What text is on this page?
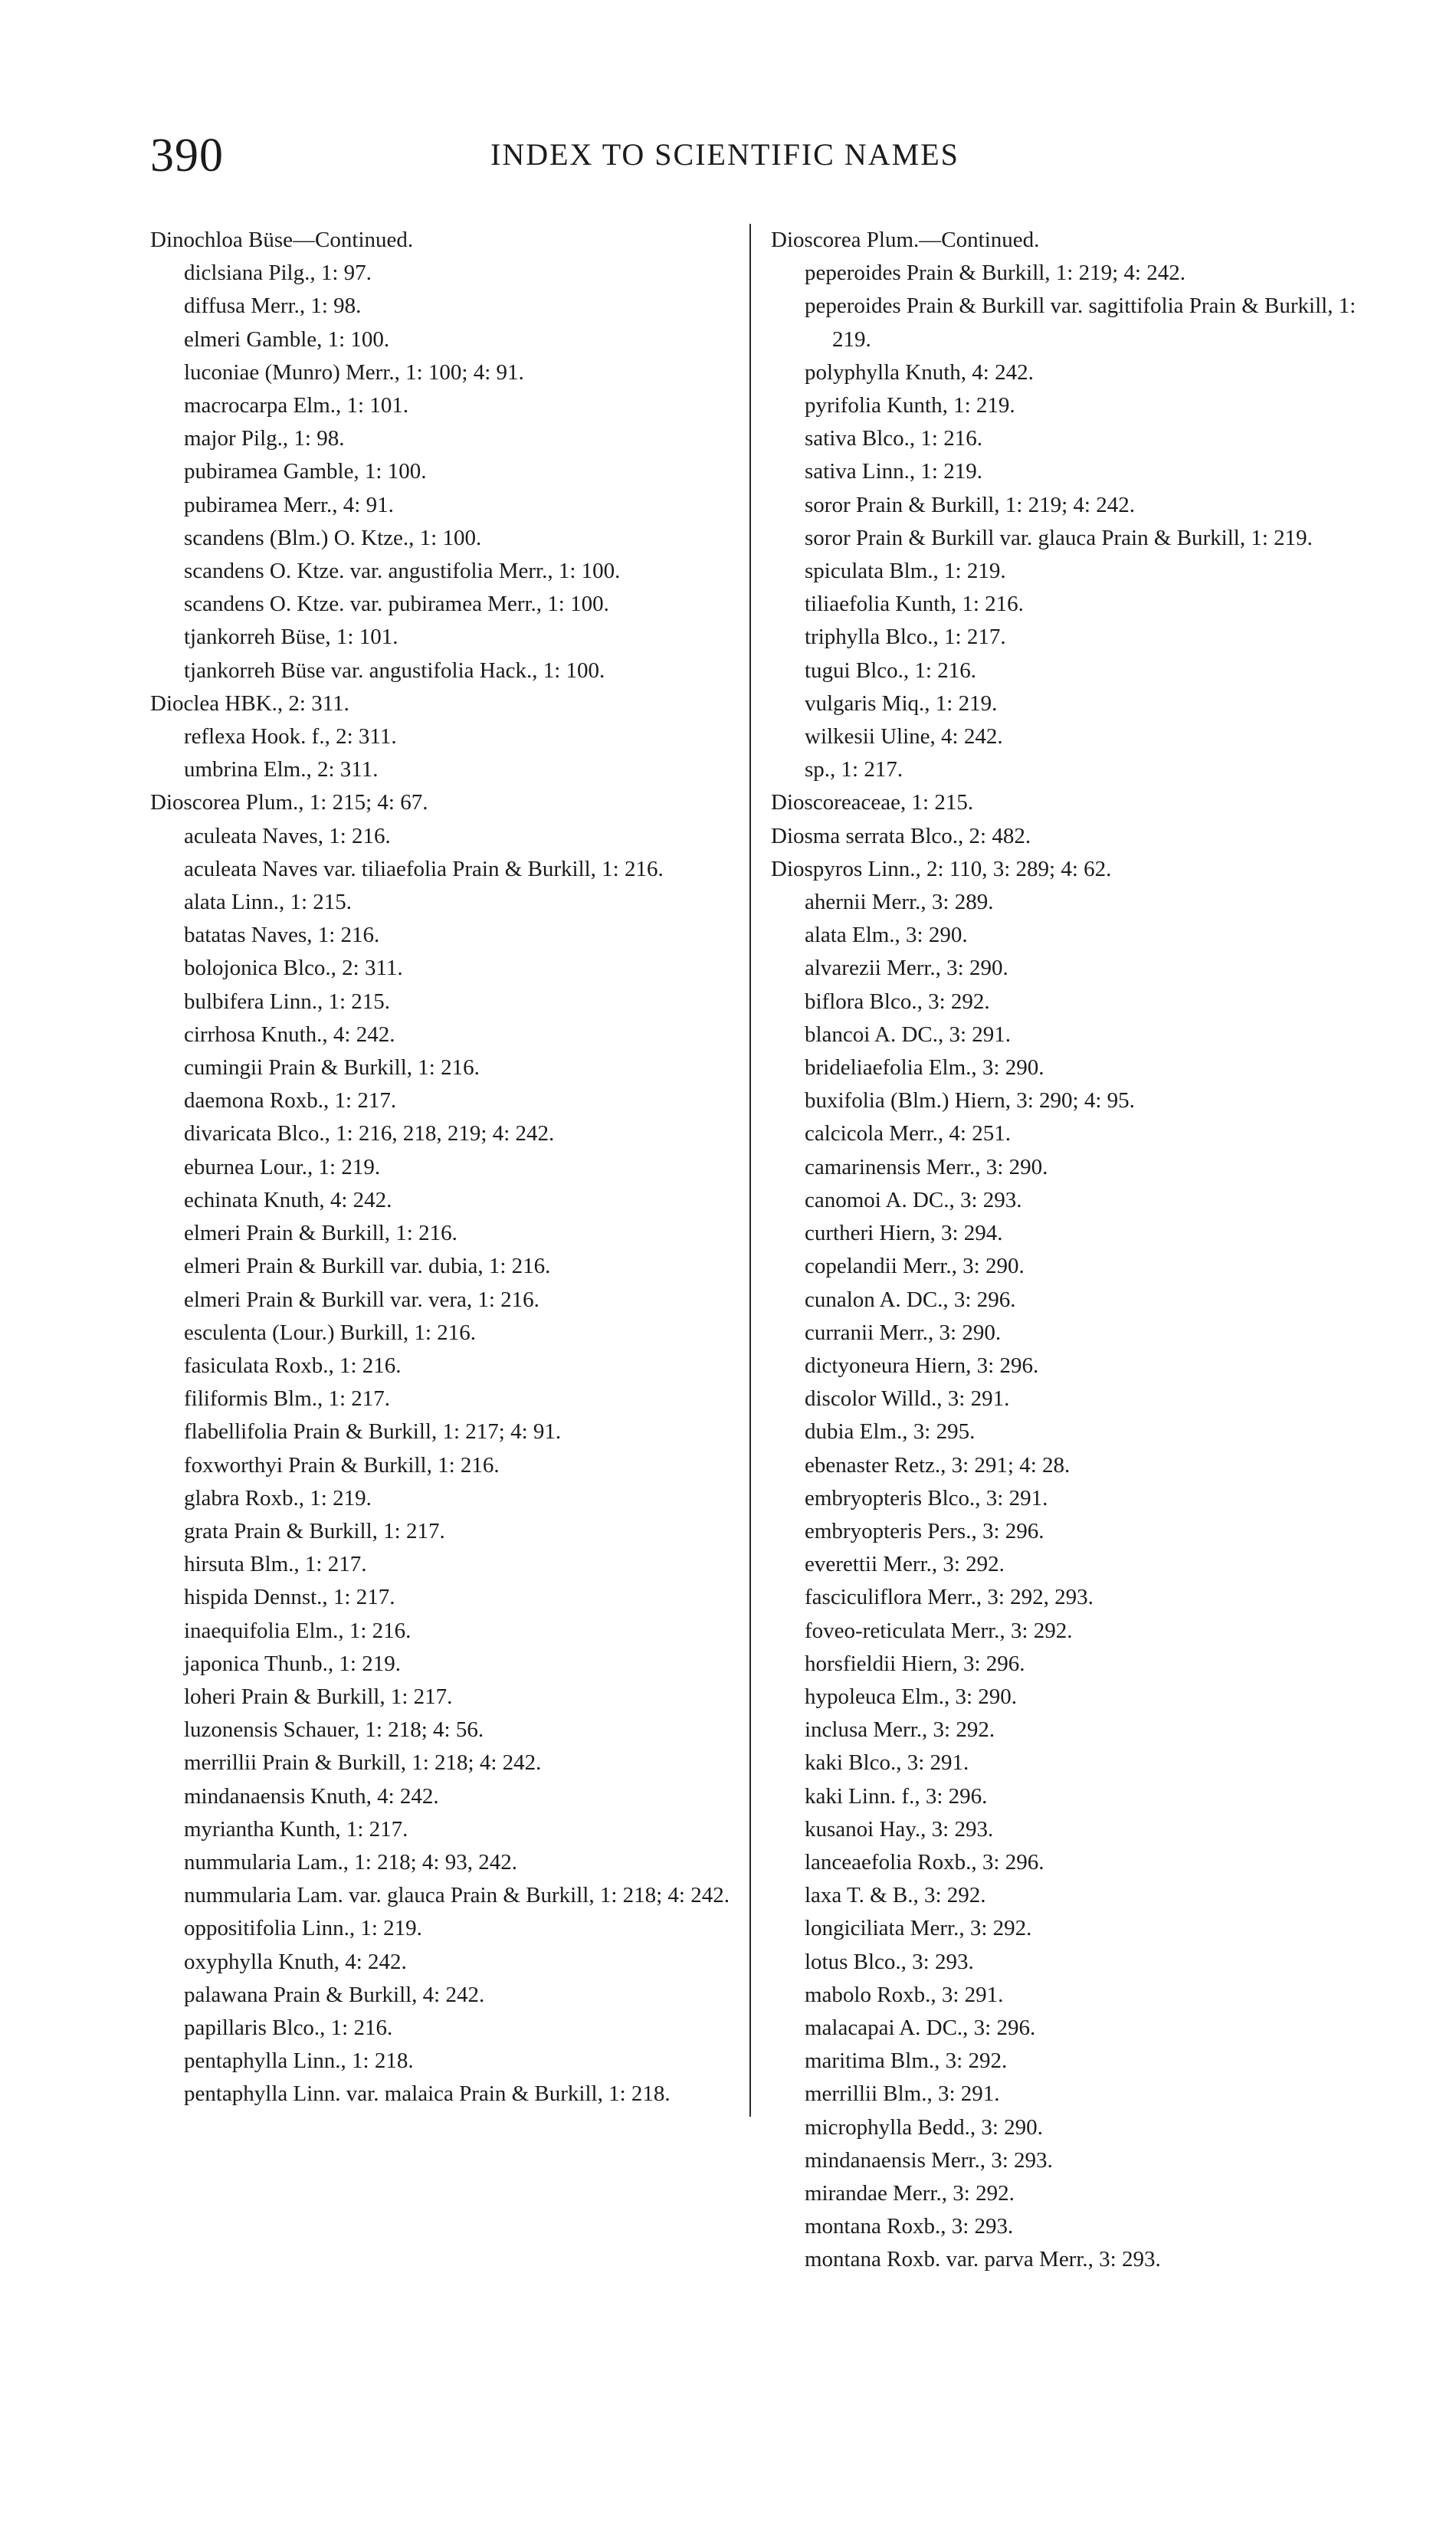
390	INDEX TO SCIENTIFIC NAMES
Dinochloa Büse—Continued.
diclsiana Pilg., 1: 97.
diffusa Merr., 1: 98.
elmeri Gamble, 1: 100.
luconiae (Munro) Merr., 1: 100; 4: 91.
macrocarpa Elm., 1: 101.
major Pilg., 1: 98.
pubiramea Gamble, 1: 100.
pubiramea Merr., 4: 91.
scandens (Blm.) O. Ktze., 1: 100.
scandens O. Ktze. var. angustifolia Merr., 1: 100.
scandens O. Ktze. var. pubiramea Merr., 1: 100.
tjankorreh Büse, 1: 101.
tjankorreh Büse var. angustifolia Hack., 1: 100.
Dioclea HBK., 2: 311.
reflexa Hook. f., 2: 311.
umbrina Elm., 2: 311.
Dioscorea Plum., 1: 215; 4: 67.
aculeata Naves, 1: 216.
aculeata Naves var. tiliaefolia Prain & Burkill, 1: 216.
alata Linn., 1: 215.
batatas Naves, 1: 216.
bolojonica Blco., 2: 311.
bulbifera Linn., 1: 215.
cirrhosa Knuth., 4: 242.
cumingii Prain & Burkill, 1: 216.
daemona Roxb., 1: 217.
divaricata Blco., 1: 216, 218, 219; 4: 242.
eburnea Lour., 1: 219.
echinata Knuth, 4: 242.
elmeri Prain & Burkill, 1: 216.
elmeri Prain & Burkill var. dubia, 1: 216.
elmeri Prain & Burkill var. vera, 1: 216.
esculenta (Lour.) Burkill, 1: 216.
fasiculata Roxb., 1: 216.
filiformis Blm., 1: 217.
flabellifolia Prain & Burkill, 1: 217; 4: 91.
foxworthyi Prain & Burkill, 1: 216.
glabra Roxb., 1: 219.
grata Prain & Burkill, 1: 217.
hirsuta Blm., 1: 217.
hispida Dennst., 1: 217.
inaequifolia Elm., 1: 216.
japonica Thunb., 1: 219.
loheri Prain & Burkill, 1: 217.
luzonensis Schauer, 1: 218; 4: 56.
merrillii Prain & Burkill, 1: 218; 4: 242.
mindanaensis Knuth, 4: 242.
myriantha Kunth, 1: 217.
nummularia Lam., 1: 218; 4: 93, 242.
nummularia Lam. var. glauca Prain & Burkill, 1: 218; 4: 242.
oppositifolia Linn., 1: 219.
oxyphylla Knuth, 4: 242.
palawana Prain & Burkill, 4: 242.
papillaris Blco., 1: 216.
pentaphylla Linn., 1: 218.
pentaphylla Linn. var. malaica Prain & Burkill, 1: 218.
Dioscorea Plum.—Continued.
peperoides Prain & Burkill, 1: 219; 4: 242.
peperoides Prain & Burkill var. sagittifolia Prain & Burkill, 1: 219.
polyphylla Knuth, 4: 242.
pyrifolia Kunth, 1: 219.
sativa Blco., 1: 216.
sativa Linn., 1: 219.
soror Prain & Burkill, 1: 219; 4: 242.
soror Prain & Burkill var. glauca Prain & Burkill, 1: 219.
spiculata Blm., 1: 219.
tiliaefolia Kunth, 1: 216.
triphylla Blco., 1: 217.
tugui Blco., 1: 216.
vulgaris Miq., 1: 219.
wilkesii Uline, 4: 242.
sp., 1: 217.
Dioscoreaceae, 1: 215.
Diosma serrata Blco., 2: 482.
Diospyros Linn., 2: 110, 3: 289; 4: 62.
ahernii Merr., 3: 289.
alata Elm., 3: 290.
alvarezii Merr., 3: 290.
biflora Blco., 3: 292.
blancoi A. DC., 3: 291.
brideliaefolia Elm., 3: 290.
buxifolia (Blm.) Hiern, 3: 290; 4: 95.
calcicola Merr., 4: 251.
camarinensis Merr., 3: 290.
canomoi A. DC., 3: 293.
curtheri Hiern, 3: 294.
copelandii Merr., 3: 290.
cunalon A. DC., 3: 296.
curranii Merr., 3: 290.
dictyoneura Hiern, 3: 296.
discolor Willd., 3: 291.
dubia Elm., 3: 295.
ebenaster Retz., 3: 291; 4: 28.
embryopteris Blco., 3: 291.
embryopteris Pers., 3: 296.
everettii Merr., 3: 292.
fasciculiflora Merr., 3: 292, 293.
foveo-reticulata Merr., 3: 292.
horsfieldii Hiern, 3: 296.
hypoleuca Elm., 3: 290.
inclusa Merr., 3: 292.
kaki Blco., 3: 291.
kaki Linn. f., 3: 296.
kusanoi Hay., 3: 293.
lanceaefolia Roxb., 3: 296.
laxa T. & B., 3: 292.
longiciliata Merr., 3: 292.
lotus Blco., 3: 293.
mabolo Roxb., 3: 291.
malacapai A. DC., 3: 296.
maritima Blm., 3: 292.
merrillii Blm., 3: 291.
microphylla Bedd., 3: 290.
mindanaensis Merr., 3: 293.
mirandae Merr., 3: 292.
montana Roxb., 3: 293.
montana Roxb. var. parva Merr., 3: 293.
